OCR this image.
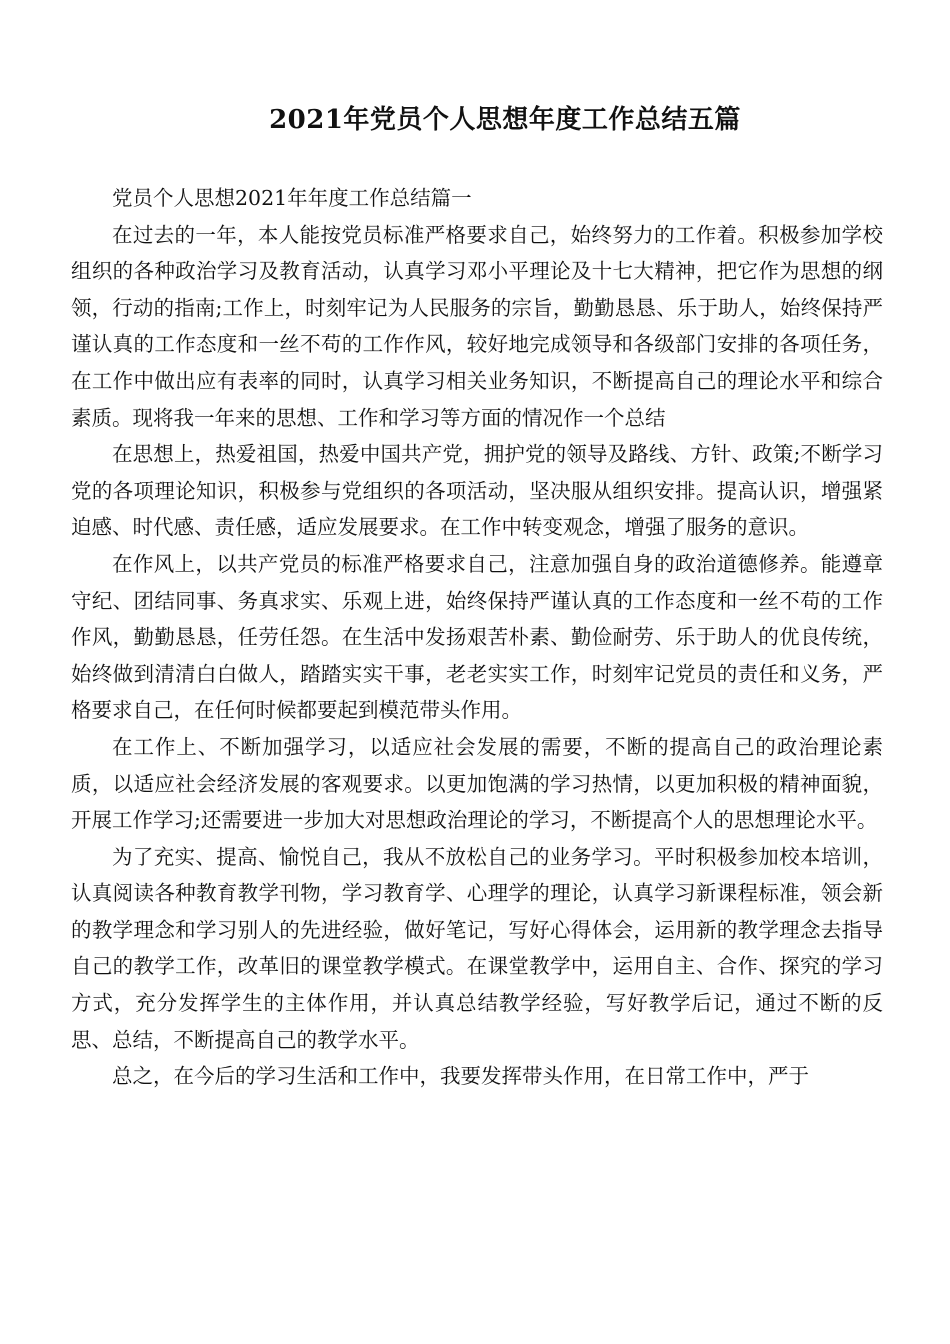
2021年党员个人思想年度工作总结五篇

党员个人思想2021年年度工作总结篇一

在过去的一年，本人能按党员标准严格要求自己，始终努力的工作着。积极参加学校组织的各种政治学习及教育活动，认真学习邓小平理论及十七大精神，把它作为思想的纲领，行动的指南;工作上，时刻牢记为人民服务的宗旨，勤勤恳恳、乐于助人，始终保持严谨认真的工作态度和一丝不苟的工作作风，较好地完成领导和各级部门安排的各项任务，在工作中做出应有表率的同时，认真学习相关业务知识，不断提高自己的理论水平和综合素质。现将我一年来的思想、工作和学习等方面的情况作一个总结

在思想上，热爱祖国，热爱中国共产党，拥护党的领导及路线、方针、政策;不断学习党的各项理论知识，积极参与党组织的各项活动，坚决服从组织安排。提高认识，增强紧迫感、时代感、责任感，适应发展要求。在工作中转变观念，增强了服务的意识。

在作风上，以共产党员的标准严格要求自己，注意加强自身的政治道德修养。能遵章守纪、团结同事、务真求实、乐观上进，始终保持严谨认真的工作态度和一丝不苟的工作作风，勤勤恳恳，任劳任怨。在生活中发扬艰苦朴素、勤俭耐劳、乐于助人的优良传统，始终做到清清白白做人，踏踏实实干事，老老实实工作，时刻牢记党员的责任和义务，严格要求自己，在任何时候都要起到模范带头作用。

在工作上、不断加强学习，以适应社会发展的需要，不断的提高自己的政治理论素质，以适应社会经济发展的客观要求。以更加饱满的学习热情，以更加积极的精神面貌，开展工作学习;还需要进一步加大对思想政治理论的学习，不断提高个人的思想理论水平。

为了充实、提高、愉悦自己，我从不放松自己的业务学习。平时积极参加校本培训，认真阅读各种教育教学刊物，学习教育学、心理学的理论，认真学习新课程标准，领会新的教学理念和学习别人的先进经验，做好笔记，写好心得体会，运用新的教学理念去指导自己的教学工作，改革旧的课堂教学模式。在课堂教学中，运用自主、合作、探究的学习方式，充分发挥学生的主体作用，并认真总结教学经验，写好教学后记，通过不断的反思、总结，不断提高自己的教学水平。

总之，在今后的学习生活和工作中，我要发挥带头作用，在日常工作中，严于
